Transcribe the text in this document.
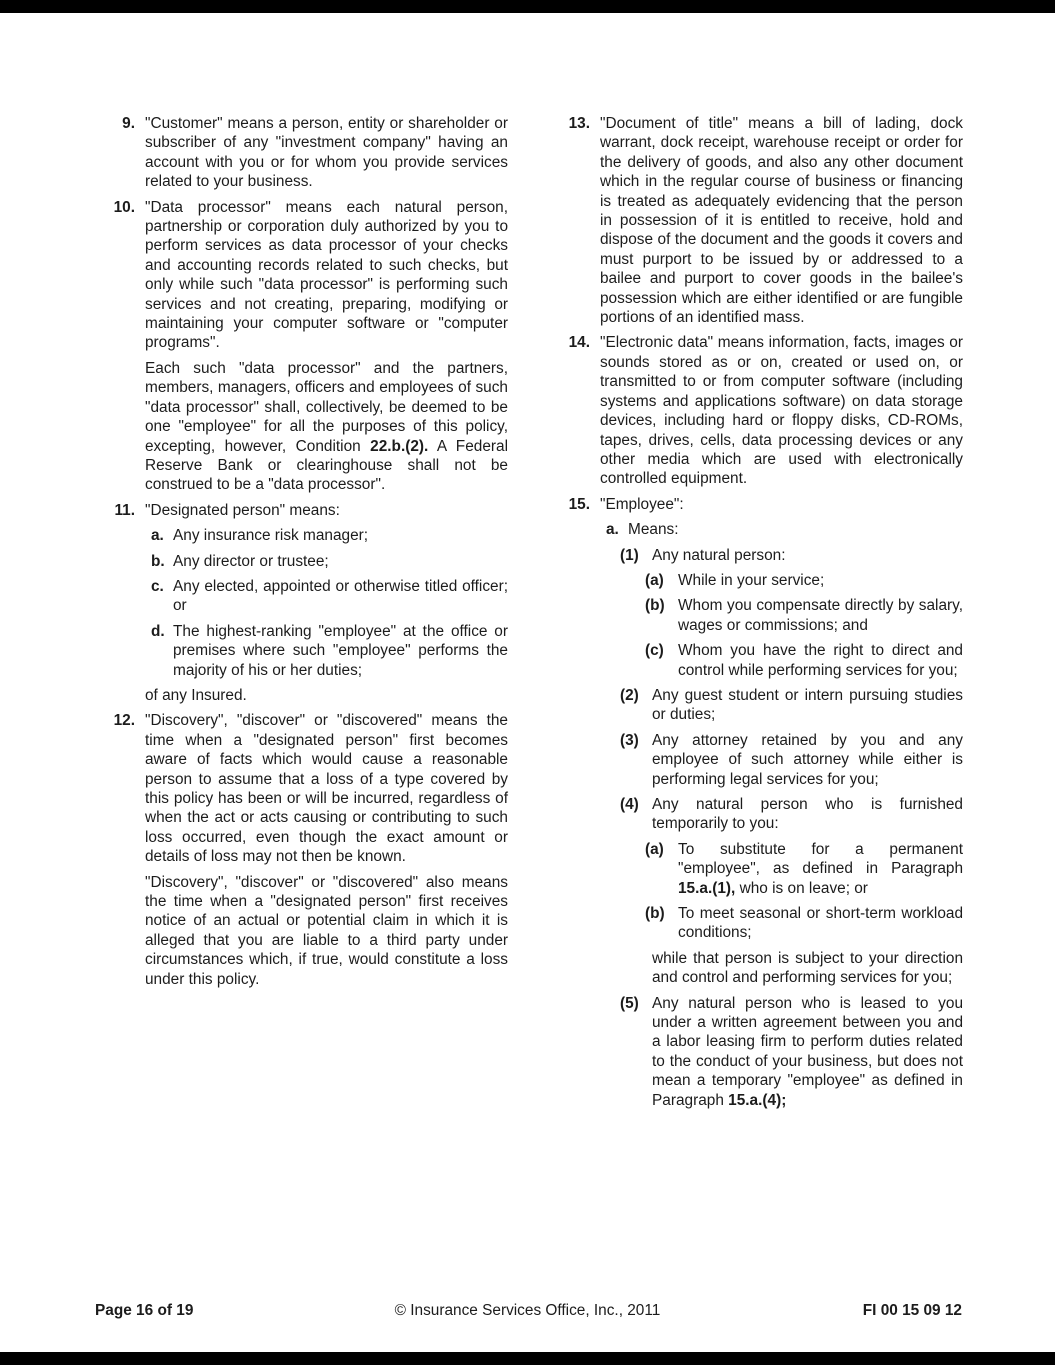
9. "Customer" means a person, entity or shareholder or subscriber of any "investment company" having an account with you or for whom you provide services related to your business.
10. "Data processor" means each natural person, partnership or corporation duly authorized by you to perform services as data processor of your checks and accounting records related to such checks, but only while such "data processor" is performing such services and not creating, preparing, modifying or maintaining your computer software or "computer programs".
Each such "data processor" and the partners, members, managers, officers and employees of such "data processor" shall, collectively, be deemed to be one "employee" for all the purposes of this policy, excepting, however, Condition 22.b.(2). A Federal Reserve Bank or clearinghouse shall not be construed to be a "data processor".
11. "Designated person" means:
a. Any insurance risk manager;
b. Any director or trustee;
c. Any elected, appointed or otherwise titled officer; or
d. The highest-ranking "employee" at the office or premises where such "employee" performs the majority of his or her duties;
of any Insured.
12. "Discovery", "discover" or "discovered" means the time when a "designated person" first becomes aware of facts which would cause a reasonable person to assume that a loss of a type covered by this policy has been or will be incurred, regardless of when the act or acts causing or contributing to such loss occurred, even though the exact amount or details of loss may not then be known.
"Discovery", "discover" or "discovered" also means the time when a "designated person" first receives notice of an actual or potential claim in which it is alleged that you are liable to a third party under circumstances which, if true, would constitute a loss under this policy.
13. "Document of title" means a bill of lading, dock warrant, dock receipt, warehouse receipt or order for the delivery of goods, and also any other document which in the regular course of business or financing is treated as adequately evidencing that the person in possession of it is entitled to receive, hold and dispose of the document and the goods it covers and must purport to be issued by or addressed to a bailee and purport to cover goods in the bailee's possession which are either identified or are fungible portions of an identified mass.
14. "Electronic data" means information, facts, images or sounds stored as or on, created or used on, or transmitted to or from computer software (including systems and applications software) on data storage devices, including hard or floppy disks, CD-ROMs, tapes, drives, cells, data processing devices or any other media which are used with electronically controlled equipment.
15. "Employee":
a. Means:
(1) Any natural person:
(a) While in your service;
(b) Whom you compensate directly by salary, wages or commissions; and
(c) Whom you have the right to direct and control while performing services for you;
(2) Any guest student or intern pursuing studies or duties;
(3) Any attorney retained by you and any employee of such attorney while either is performing legal services for you;
(4) Any natural person who is furnished temporarily to you:
(a) To substitute for a permanent "employee", as defined in Paragraph 15.a.(1), who is on leave; or
(b) To meet seasonal or short-term workload conditions;
while that person is subject to your direction and control and performing services for you;
(5) Any natural person who is leased to you under a written agreement between you and a labor leasing firm to perform duties related to the conduct of your business, but does not mean a temporary "employee" as defined in Paragraph 15.a.(4);
Page 16 of 19	© Insurance Services Office, Inc., 2011	FI 00 15 09 12
